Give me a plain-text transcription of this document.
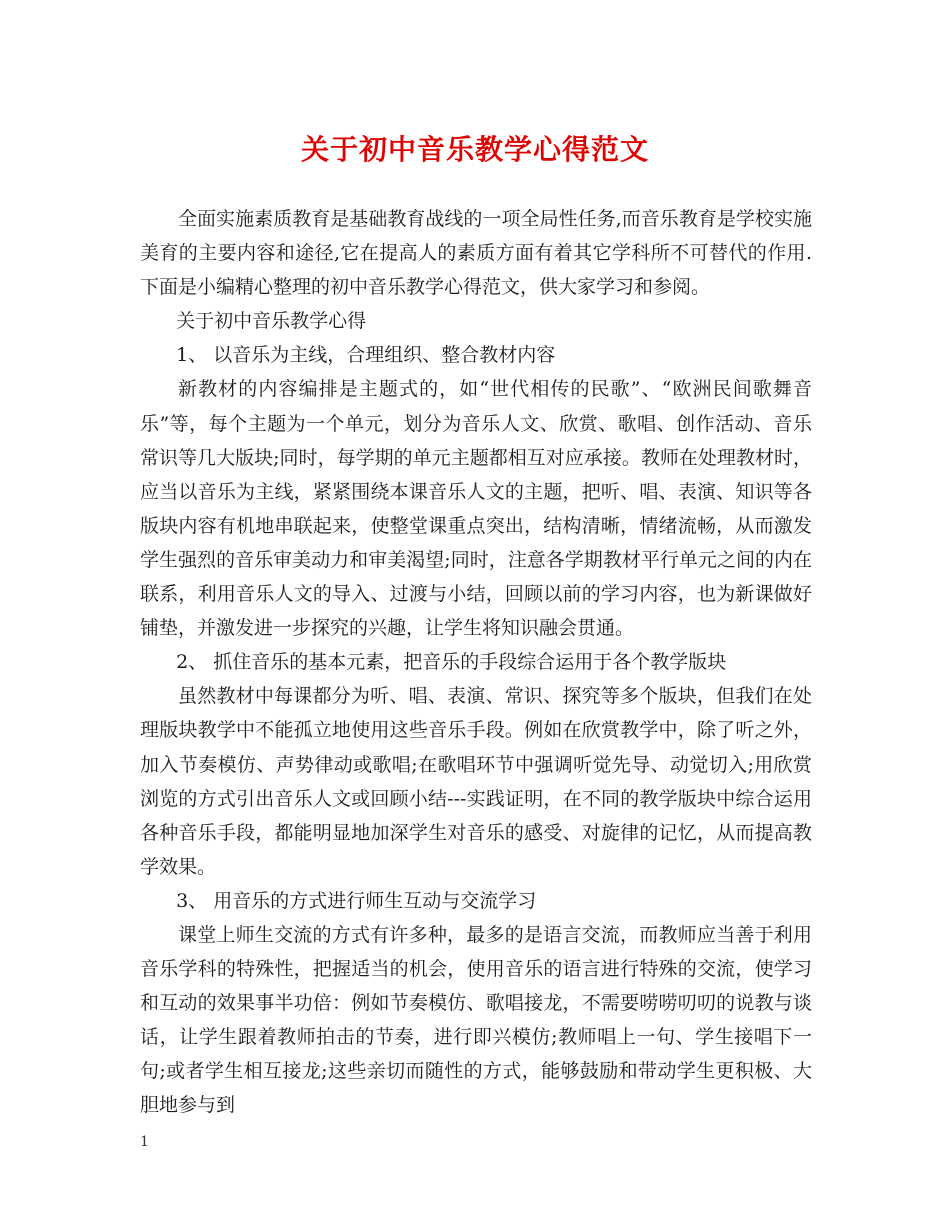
关于初中音乐教学心得范文

全面实施素质教育是基础教育战线的一项全局性任务,而音乐教育是学校实施美育的主要内容和途径,它在提高人的素质方面有着其它学科所不可替代的作用.下面是小编精心整理的初中音乐教学心得范文，供大家学习和参阅。

关于初中音乐教学心得

1、 以音乐为主线，合理组织、整合教材内容

新教材的内容编排是主题式的，如“世代相传的民歌”、“欧洲民间歌舞音乐”等，每个主题为一个单元，划分为音乐人文、欣赏、歌唱、创作活动、音乐常识等几大版块;同时，每学期的单元主题都相互对应承接。教师在处理教材时，应当以音乐为主线，紧紧围绕本课音乐人文的主题，把听、唱、表演、知识等各版块内容有机地串联起来，使整堂课重点突出，结构清晰，情绪流畅，从而激发学生强烈的音乐审美动力和审美渴望;同时，注意各学期教材平行单元之间的内在联系，利用音乐人文的导入、过渡与小结，回顾以前的学习内容，也为新课做好铺垫，并激发进一步探究的兴趣，让学生将知识融会贯通。

2、 抓住音乐的基本元素，把音乐的手段综合运用于各个教学版块

虽然教材中每课都分为听、唱、表演、常识、探究等多个版块，但我们在处理版块教学中不能孤立地使用这些音乐手段。例如在欣赏教学中，除了听之外，加入节奏模仿、声势律动或歌唱;在歌唱环节中强调听觉先导、动觉切入;用欣赏浏览的方式引出音乐人文或回顾小结---实践证明，在不同的教学版块中综合运用各种音乐手段，都能明显地加深学生对音乐的感受、对旋律的记忆，从而提高教学效果。

3、 用音乐的方式进行师生互动与交流学习

课堂上师生交流的方式有许多种，最多的是语言交流，而教师应当善于利用音乐学科的特殊性，把握适当的机会，使用音乐的语言进行特殊的交流，使学习和互动的效果事半功倍：例如节奏模仿、歌唱接龙，不需要唠唠叨叨的说教与谈话，让学生跟着教师拍击的节奏，进行即兴模仿;教师唱上一句、学生接唱下一句;或者学生相互接龙;这些亲切而随性的方式，能够鼓励和带动学生更积极、大胆地参与到

1
